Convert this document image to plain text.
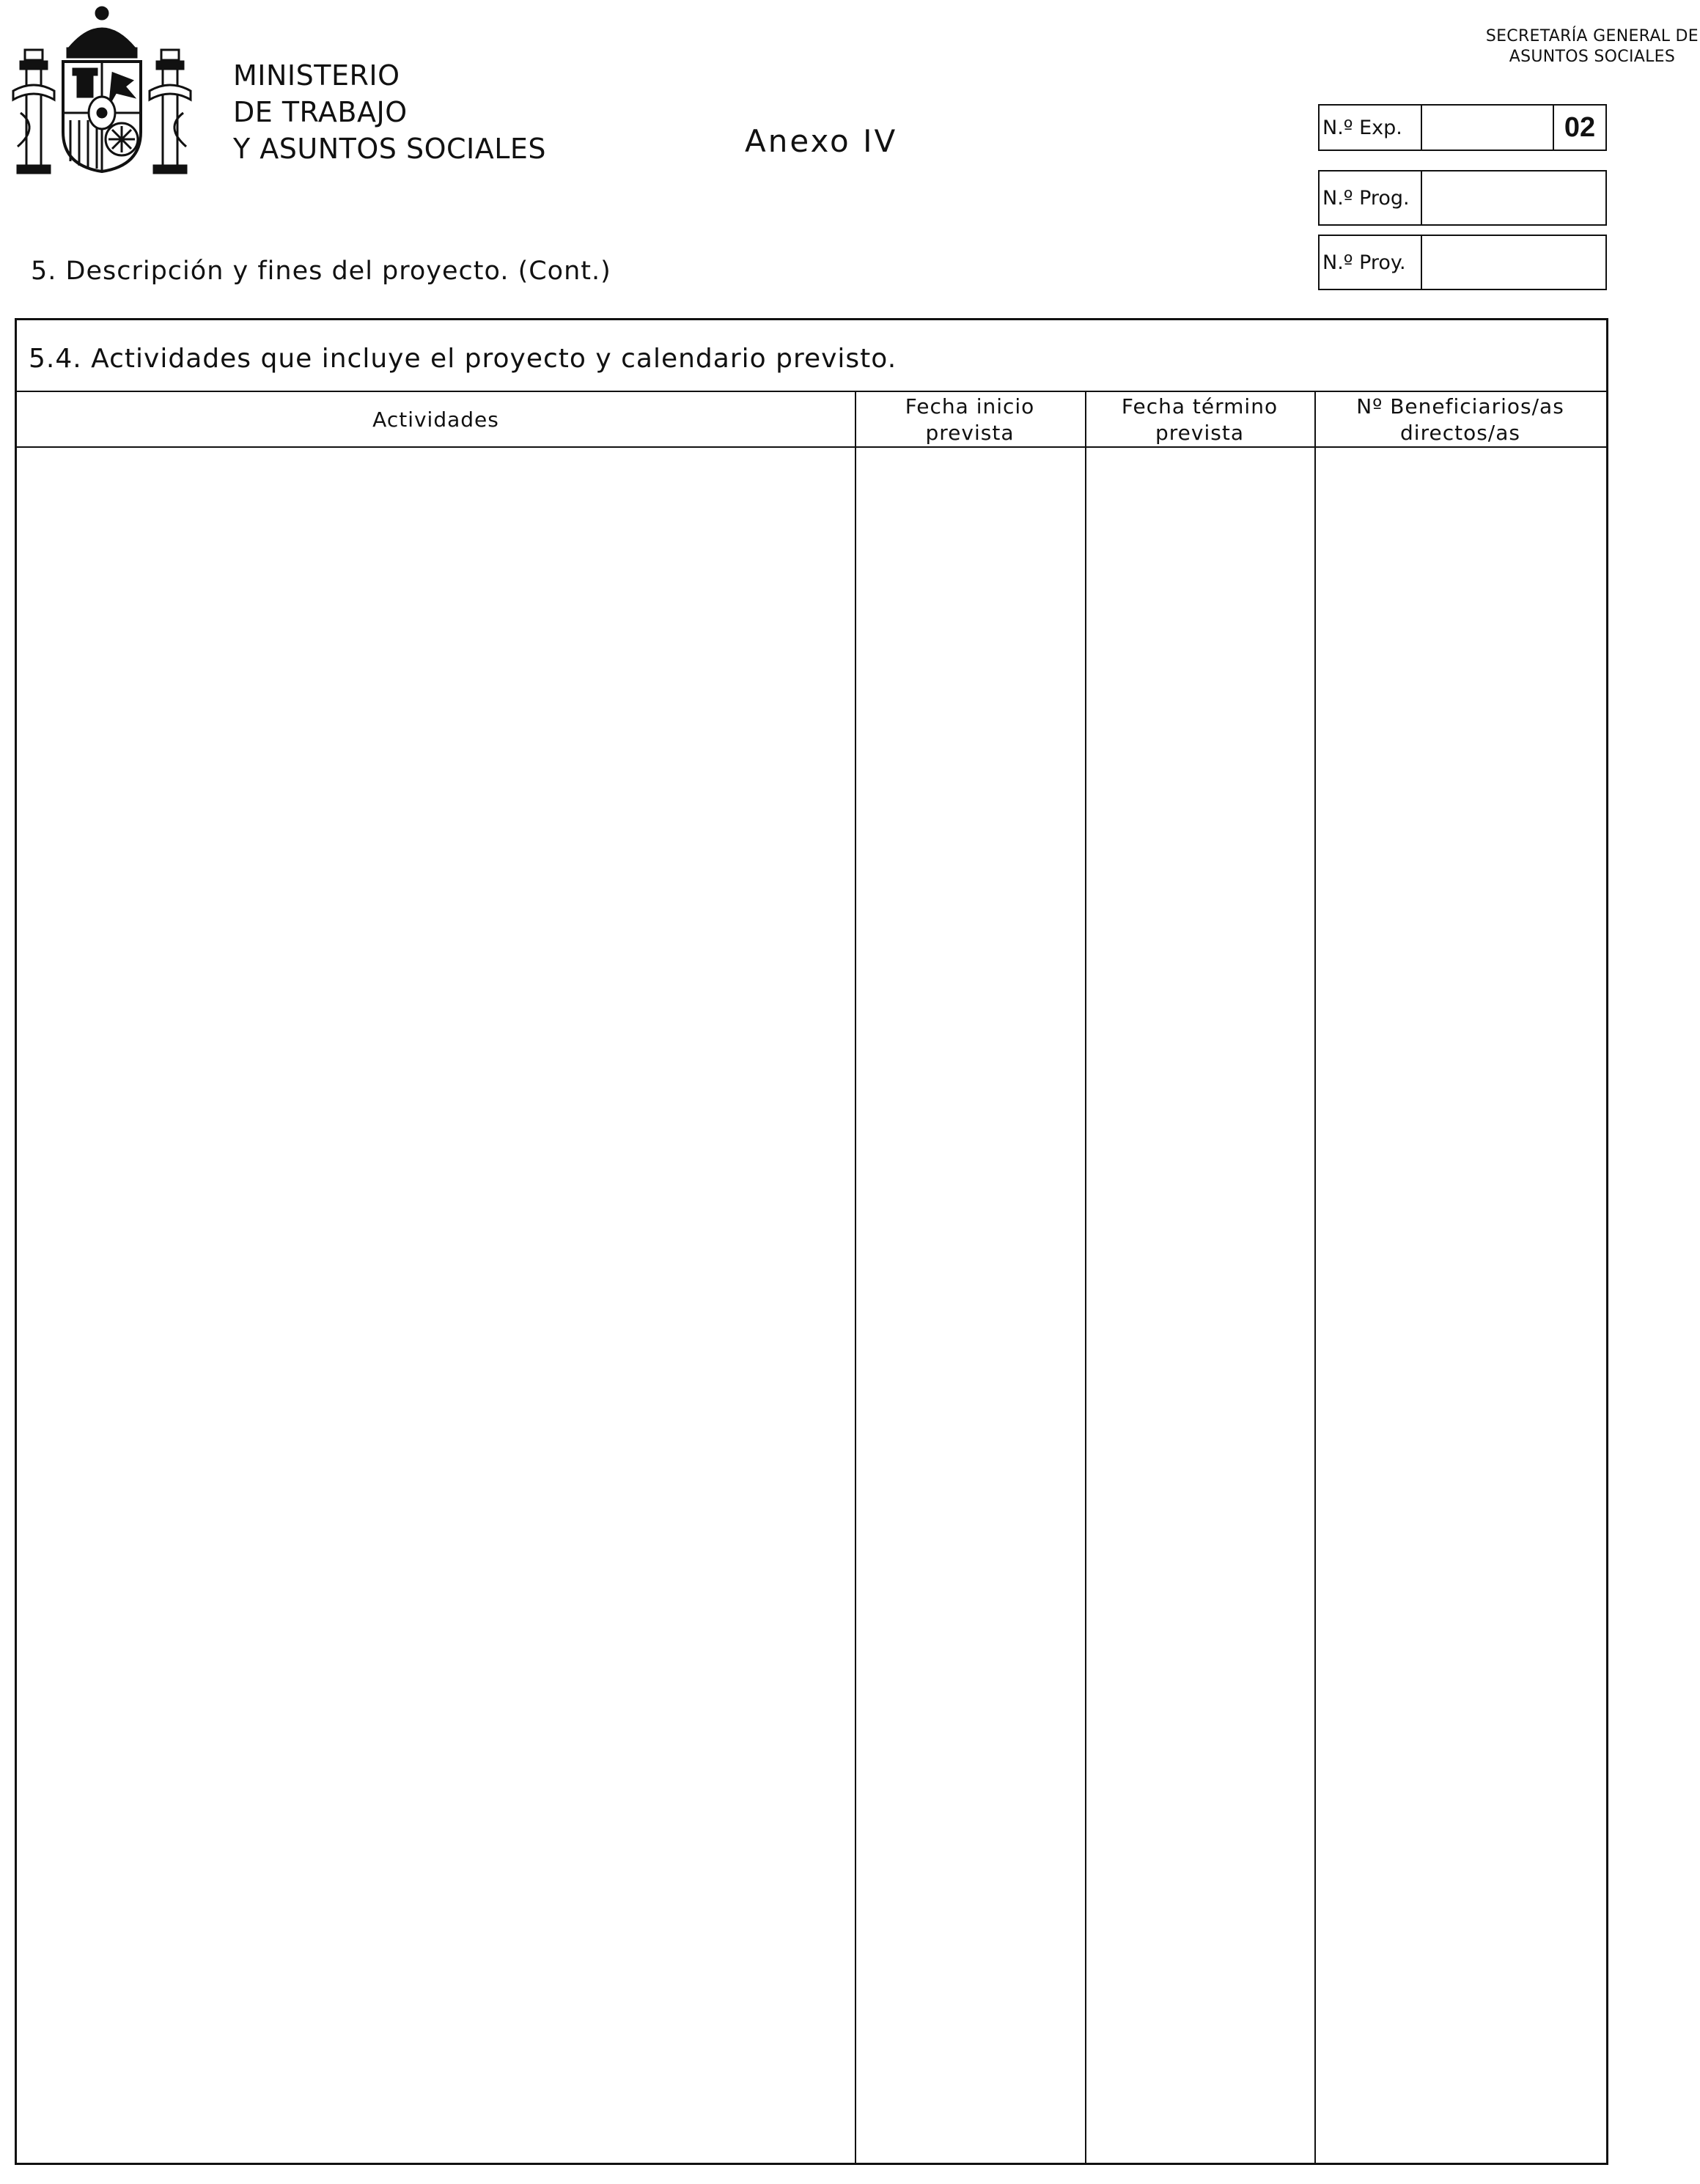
MINISTERIO
DE TRABAJO
Y ASUNTOS SOCIALES	Anexo IV
SECRETARÍA GENERAL DE
ASUNTOS SOCIALES
N.º Exp.	02
N.º Prog.
N.º Proy.
5. Descripción y fines del proyecto. (Cont.)
5.4. Actividades que incluye el proyecto y calendario previsto.
Actividades
Fecha inicio
prevista
Fecha término
prevista
Nº Beneficiarios/as
directos/as
